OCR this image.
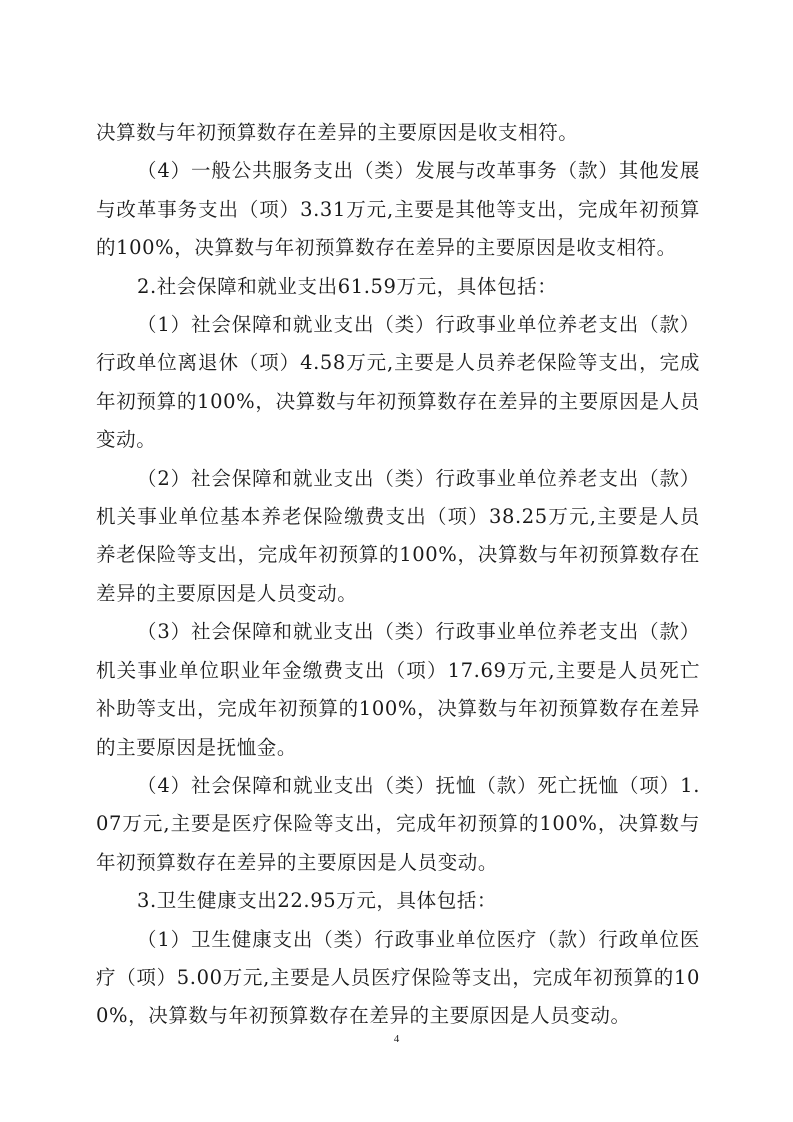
决算数与年初预算数存在差异的主要原因是收支相符。

（4）一般公共服务支出（类）发展与改革事务（款）其他发展与改革事务支出（项）3.31万元,主要是其他等支出，完成年初预算的100%，决算数与年初预算数存在差异的主要原因是收支相符。

2.社会保障和就业支出61.59万元，具体包括：

（1）社会保障和就业支出（类）行政事业单位养老支出（款）行政单位离退休（项）4.58万元,主要是人员养老保险等支出，完成年初预算的100%，决算数与年初预算数存在差异的主要原因是人员变动。

（2）社会保障和就业支出（类）行政事业单位养老支出（款）机关事业单位基本养老保险缴费支出（项）38.25万元,主要是人员养老保险等支出，完成年初预算的100%，决算数与年初预算数存在差异的主要原因是人员变动。

（3）社会保障和就业支出（类）行政事业单位养老支出（款）机关事业单位职业年金缴费支出（项）17.69万元,主要是人员死亡补助等支出，完成年初预算的100%，决算数与年初预算数存在差异的主要原因是抚恤金。

（4）社会保障和就业支出（类）抚恤（款）死亡抚恤（项）1.07万元,主要是医疗保险等支出，完成年初预算的100%，决算数与年初预算数存在差异的主要原因是人员变动。

3.卫生健康支出22.95万元，具体包括：

（1）卫生健康支出（类）行政事业单位医疗（款）行政单位医疗（项）5.00万元,主要是人员医疗保险等支出，完成年初预算的100%，决算数与年初预算数存在差异的主要原因是人员变动。

4
